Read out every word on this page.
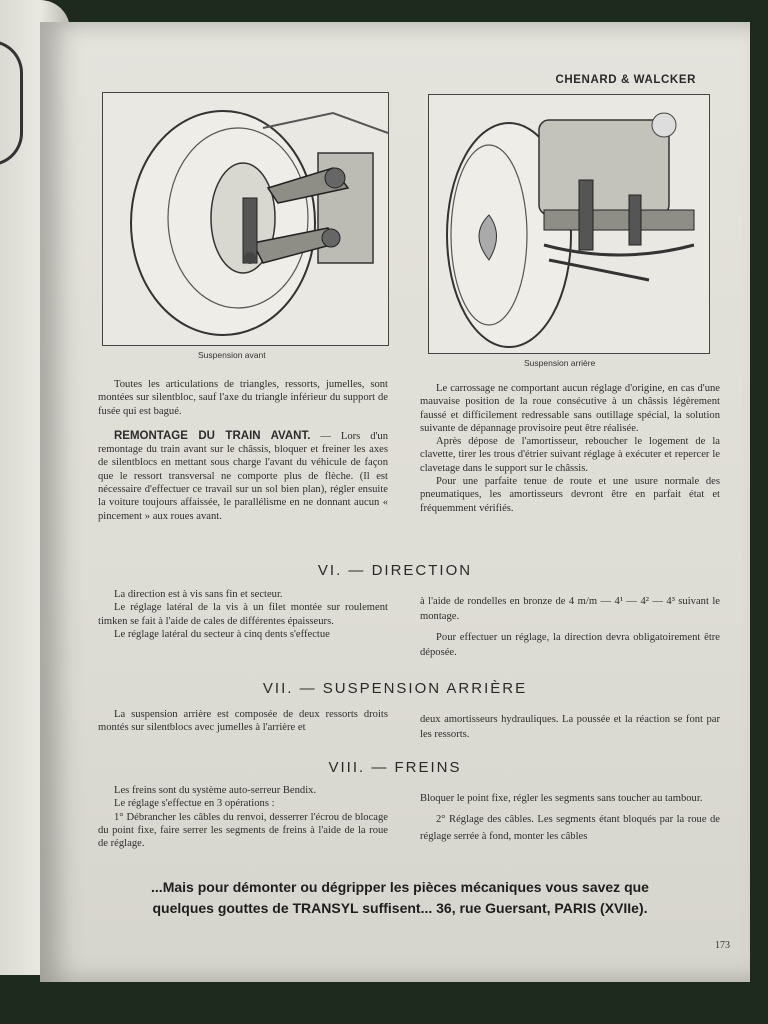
CHENARD & WALCKER
Suspension avant
Suspension arrière

Toutes les articulations de triangles, ressorts, jumelles, sont montées sur silentbloc, sauf l'axe du triangle inférieur du support de fusée qui est bagué.

REMONTAGE DU TRAIN AVANT. — Lors d'un remontage du train avant sur le châssis, bloquer et freiner les axes de silentblocs en mettant sous charge l'avant du véhicule de façon que le ressort transversal ne comporte plus de flèche. (Il est nécessaire d'effectuer ce travail sur un sol bien plan), régler ensuite la voiture toujours affaissée, le parallélisme en ne donnant aucun « pincement » aux roues avant.

Le carrossage ne comportant aucun réglage d'origine, en cas d'une mauvaise position de la roue consécutive à un châssis légèrement faussé et difficilement redressable sans outillage spécial, la solution suivante de dépannage provisoire peut être réalisée.

Après dépose de l'amortisseur, reboucher le logement de la clavette, tirer les trous d'étrier suivant réglage à exécuter et repercer le clavetage dans le support sur le châssis.

Pour une parfaite tenue de route et une usure normale des pneumatiques, les amortisseurs devront être en parfait état et fréquemment vérifiés.

VI. — DIRECTION

La direction est à vis sans fin et secteur.

Le réglage latéral de la vis à un filet montée sur roulement timken se fait à l'aide de cales de différentes épaisseurs.

Le réglage latéral du secteur à cinq dents s'effectue

à l'aide de rondelles en bronze de 4 m/m — 4¹ — 4² — 4³ suivant le montage.

Pour effectuer un réglage, la direction devra obligatoirement être déposée.

VII. — SUSPENSION ARRIÈRE

La suspension arrière est composée de deux ressorts droits montés sur silentblocs avec jumelles à l'arrière et

deux amortisseurs hydrauliques. La poussée et la réaction se font par les ressorts.

VIII. — FREINS

Les freins sont du système auto-serreur Bendix.

Le réglage s'effectue en 3 opérations :

1° Débrancher les câbles du renvoi, desserrer l'écrou de blocage du point fixe, faire serrer les segments de freins à l'aide de la roue de réglage.

Bloquer le point fixe, régler les segments sans toucher au tambour.

2° Réglage des câbles. Les segments étant bloqués par la roue de réglage serrée à fond, monter les câbles

...Mais pour démonter ou dégripper les pièces mécaniques vous savez que
quelques gouttes de TRANSYL suffisent... 36, rue Guersant, PARIS (XVIIe).
173
